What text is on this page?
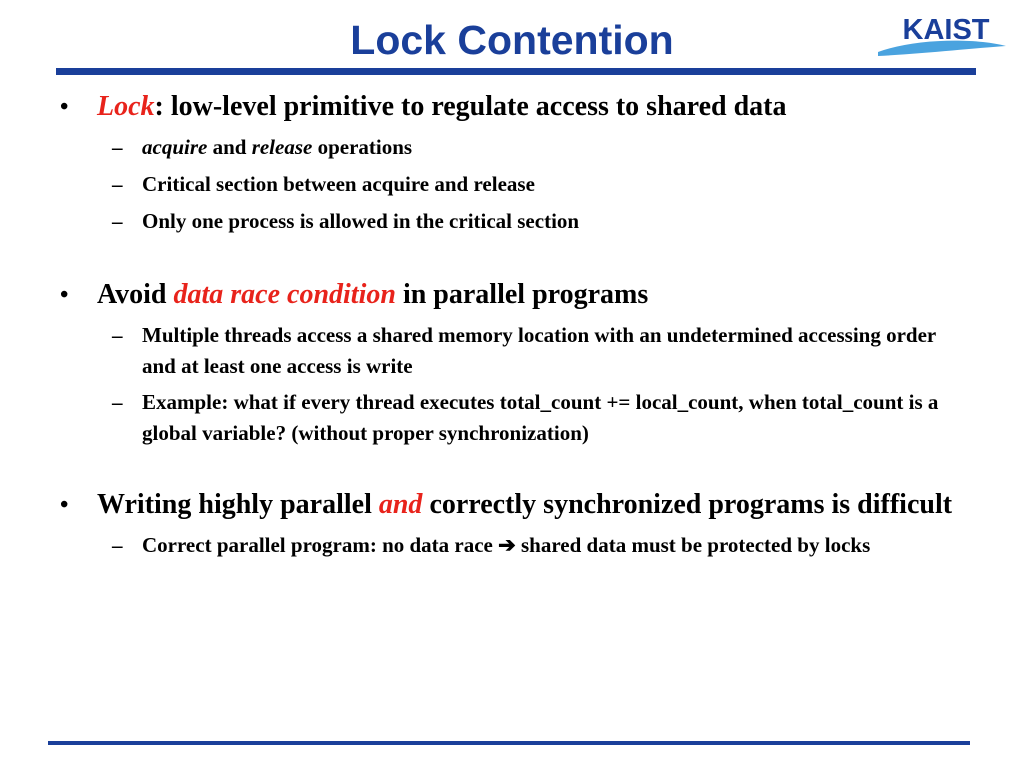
Lock Contention	KAIST
• Lock: low-level primitive to regulate access to shared data
– acquire and release operations
– Critical section between acquire and release
– Only one process is allowed in the critical section
• Avoid data race condition in parallel programs
– Multiple threads access a shared memory location with an undetermined accessing order and at least one access is write
– Example: what if every thread executes total_count += local_count, when total_count is a global variable? (without proper synchronization)
• Writing highly parallel and correctly synchronized programs is difficult
– Correct parallel program: no data race ➔ shared data must be protected by locks
